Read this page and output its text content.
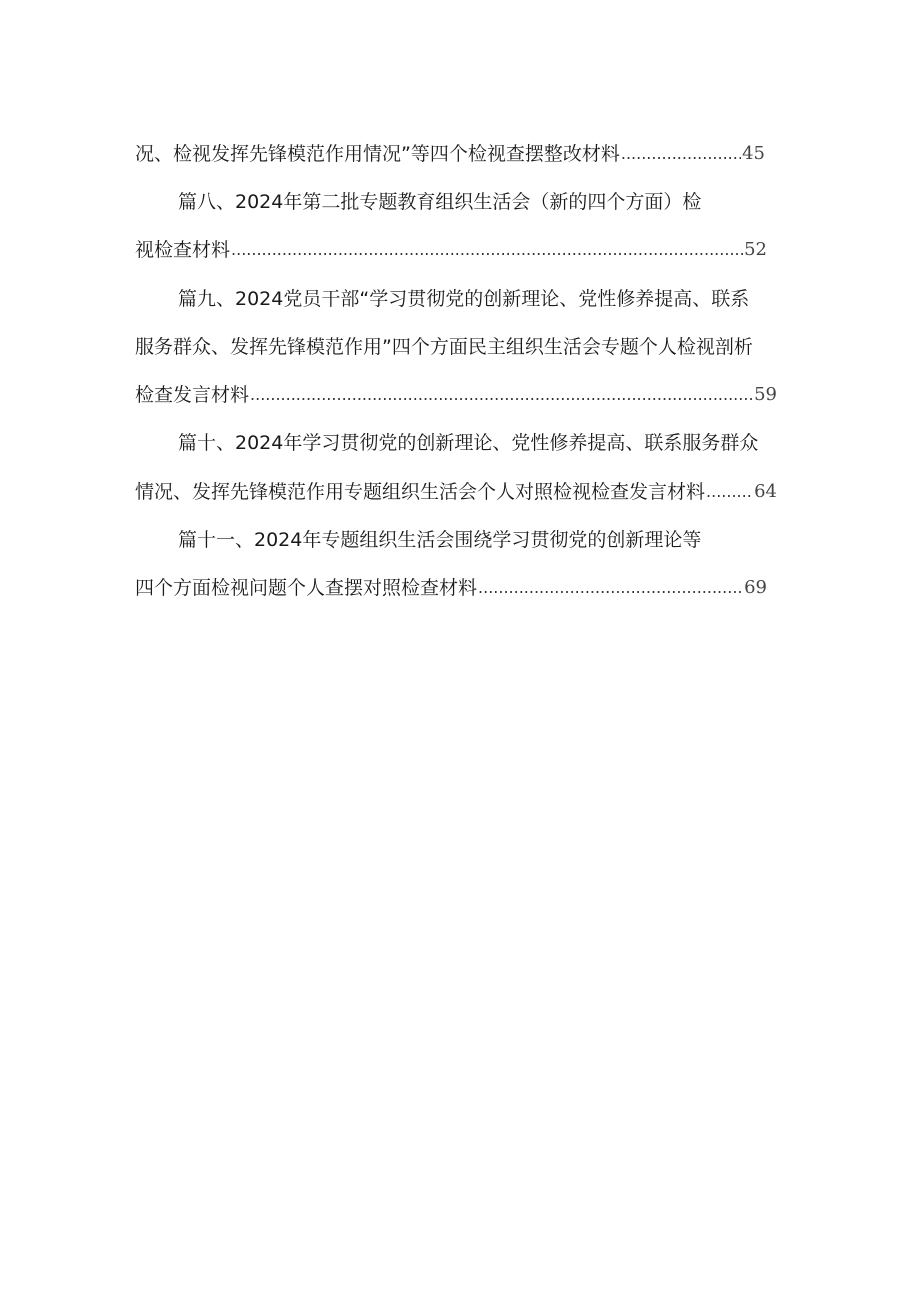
况、检视发挥先锋模范作用情况”等四个检视查摆整改材料 .....	45
篇八、2024年第二批专题教育组织生活会（新的四个方面）检
视检查材料 .....	52
篇九、2024党员干部“学习贯彻党的创新理论、党性修养提高、联系
服务群众、发挥先锋模范作用”四个方面民主组织生活会专题个人检视剖析
检查发言材料 .....	59
篇十、2024年学习贯彻党的创新理论、党性修养提高、联系服务群众
情况、发挥先锋模范作用专题组织生活会个人对照检视检查发言材料 .....	64
篇十一、2024年专题组织生活会围绕学习贯彻党的创新理论等
四个方面检视问题个人查摆对照检查材料 .....	69
